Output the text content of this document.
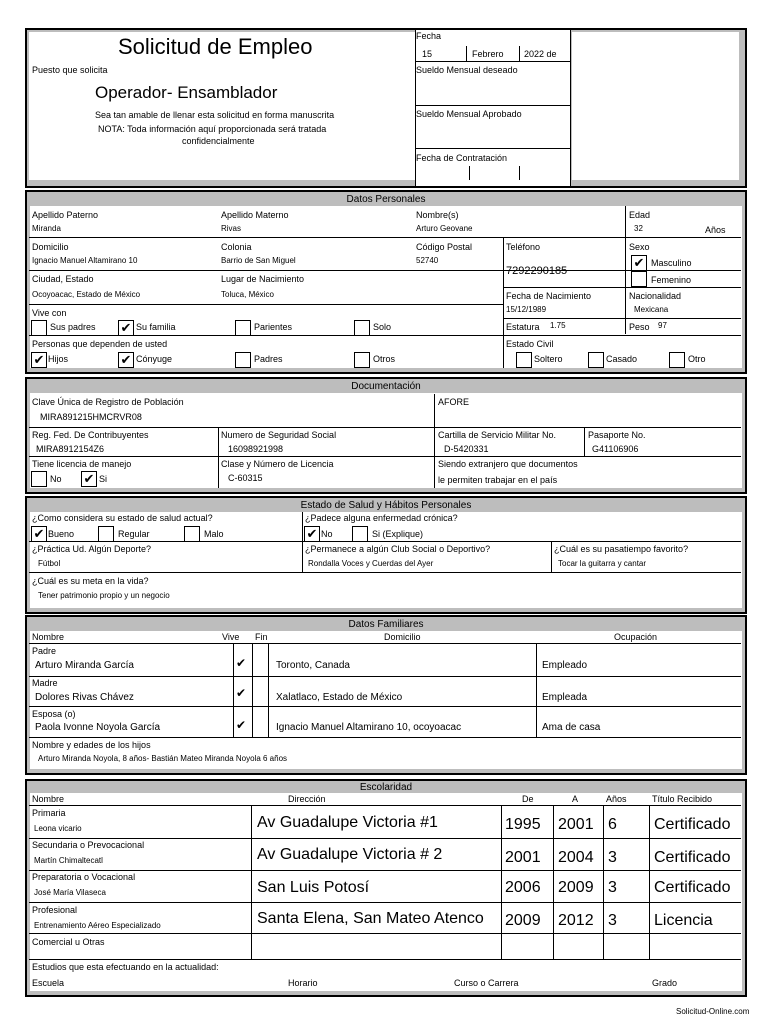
Solicitud de Empleo
Puesto que solicita
Operador- Ensamblador
Sea tan amable de llenar esta solicitud en forma manuscrita
NOTA: Toda información aquí proporcionada será tratada
confidencialmente
Fecha
15	Febrero 2022 de
Sueldo Mensual deseado
Sueldo Mensual Aprobado
Fecha de Contratación
Datos Personales
Apellido Paterno
Miranda
Apellido Materno
Rivas
Nombre(s)
Arturo Geovane
Edad
32	Años
Domicilio
Ignacio Manuel Altamirano 10
Colonia
Barrio de San Miguel
Código Postal
52740
Teléfono
7292290185
Sexo
✔ Masculino
Femenino
Ciudad, Estado
Ocoyoacac, Estado de México
Lugar de Nacimiento
Toluca, México	Fecha de Nacimiento
15/12/1989
Nacionalidad
Mexicana
Vive con
Sus padres ✔ Su familia	Parientes	Solo	Estatura 1.75	Peso 97
Personas que dependen de usted
✔ Hijos	✔ Cónyuge	Padres	Otros
Estado Civil
Soltero	Casado	Otro
Documentación
Clave Única de Registro de Población
MIRA891215HMCRVR08
AFORE
Reg. Fed. De Contribuyentes
MIRA8912154Z6
Numero de Seguridad Social
16098921998
Cartilla de Servicio Militar No.
D-5420331
Pasaporte No.
G41106906
Tiene licencia de manejo
No ✔ Si
Clase y Número de Licencia
C-60315
Siendo extranjero que documentos
le permiten trabajar en el país
Estado de Salud y Hábitos Personales
¿Como considera su estado de salud actual?
✔ Bueno	Regular	Malo
¿Padece alguna enfermedad crónica?
✔ No	Si (Explique)
¿Práctica Ud. Algún Deporte?
Fútbol
¿Permanece a algún Club Social o Deportivo?
Rondalla Voces y Cuerdas del Ayer
¿Cuál es su pasatiempo favorito?
Tocar la guitarra y cantar
¿Cuál es su meta en la vida?
Tener patrimonio propio y un negocio
Datos Familiares
Nombre	Vive Fin	Domicilio	Ocupación
Padre
Arturo Miranda García	✔	Toronto, Canada	Empleado
Madre
Dolores Rivas Chávez	✔	Xalatlaco, Estado de México	Empleada
Esposa (o)
Paola Ivonne Noyola García	✔	Ignacio Manuel Altamirano 10, ocoyoacac	Ama de casa
Nombre y edades de los hijos
Arturo Miranda Noyola, 8 años- Bastián Mateo Miranda Noyola 6 años
Escolaridad
Nombre	Dirección	De	A	Años	Título Recibido
Primaria
Leona vicario	Av Guadalupe Victoria #1	1995 2001 6 Certificado
Secundaria o Prevocacional
Martín Chimaltecatl	Av Guadalupe Victoria # 2	2001 2004 3 Certificado
Preparatoria o Vocacional
José María Vilaseca	San Luis Potosí	2006 2009 3 Certificado
Profesional
Entrenamiento Aéreo Especializado	Santa Elena, San Mateo Atenco 2009 2012 3 Licencia
Comercial u Otras
Estudios que esta efectuando en la actualidad:
Escuela	Horario	Curso o Carrera	Grado
Solicitud-Online.com
